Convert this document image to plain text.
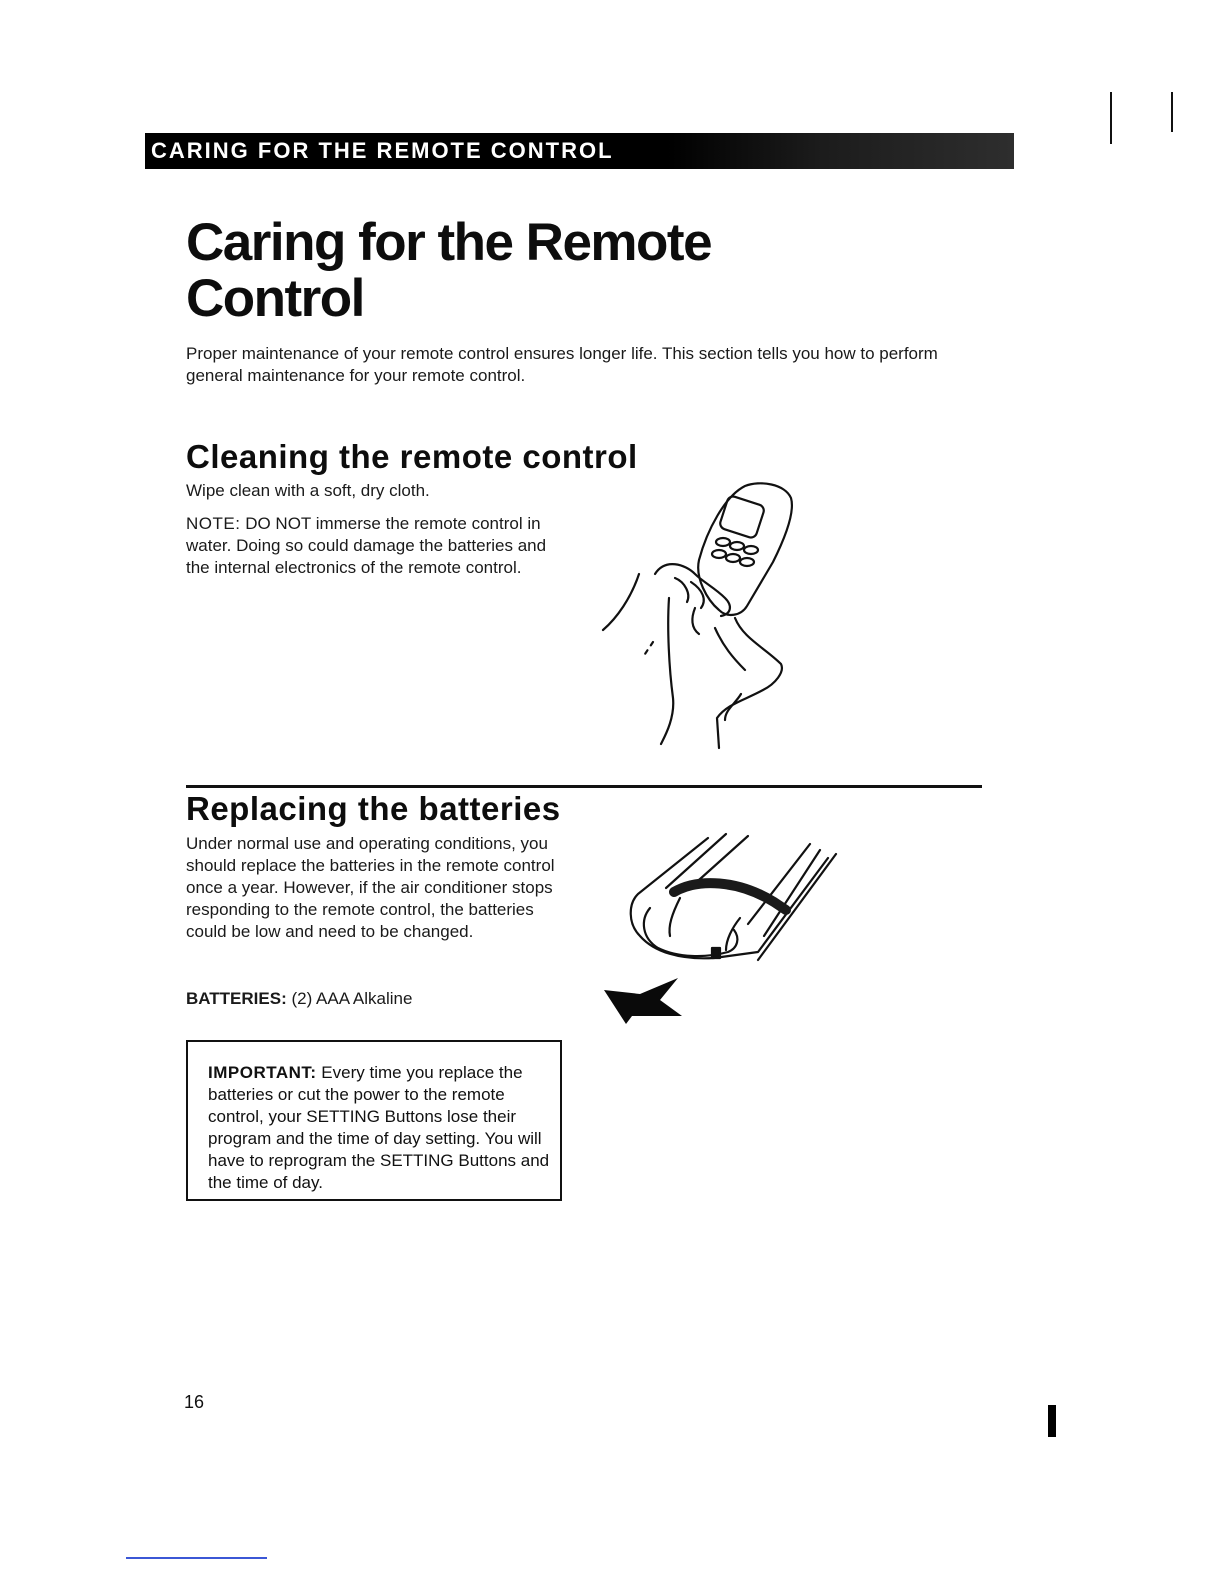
CARING FOR THE REMOTE CONTROL
Caring for the Remote
Control

Proper maintenance of your remote control ensures longer life. This section tells you how to perform general maintenance for your remote control.

Cleaning the remote control

Wipe clean with a soft, dry cloth.

NOTE: DO NOT immerse the remote control in water. Doing so could damage the batteries and the internal electronics of the remote control.

Replacing the batteries

Under normal use and operating conditions, you should replace the batteries in the remote control once a year. However, if the air conditioner stops responding to the remote control, the batteries could be low and need to be changed.

BATTERIES: (2) AAA Alkaline

IMPORTANT: Every time you replace the batteries or cut the power to the remote control, your SETTING Buttons lose their program and the time of day setting. You will have to reprogram the SETTING Buttons and the time of day.

16
